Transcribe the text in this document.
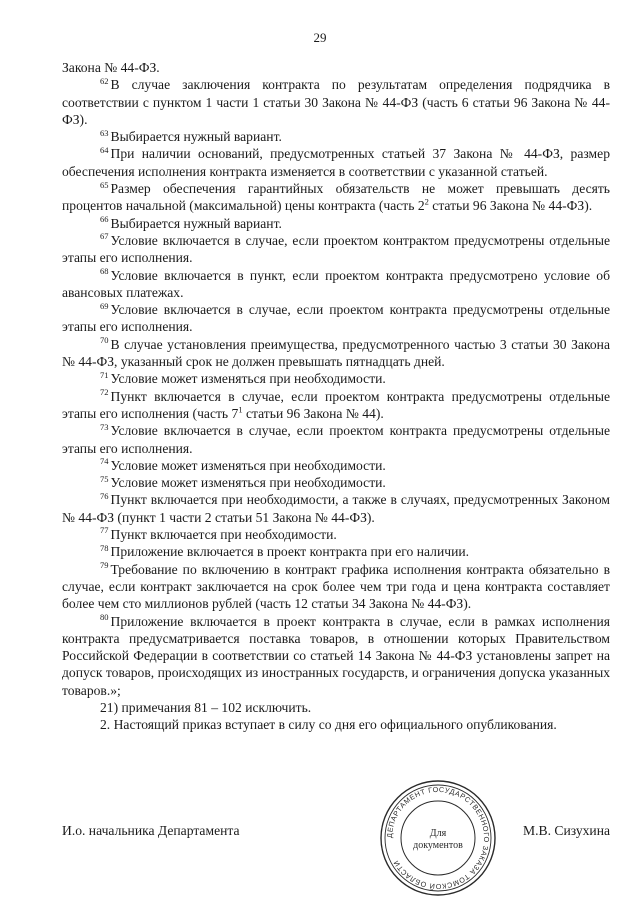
29

Закона № 44-ФЗ.

$^{62}$ В случае заключения контракта по результатам определения подрядчика в соответствии с пунктом 1 части 1 статьи 30 Закона № 44-ФЗ (часть 6 статьи 96 Закона № 44-ФЗ).

$^{63}$ Выбирается нужный вариант.

$^{64}$ При наличии оснований, предусмотренных статьей 37 Закона № 44-ФЗ, размер обеспечения исполнения контракта изменяется в соответствии с указанной статьей.

$^{65}$ Размер обеспечения гарантийных обязательств не может превышать десять процентов начальной (максимальной) цены контракта (часть $2^2$ статьи 96 Закона № 44-ФЗ).

$^{66}$ Выбирается нужный вариант.

$^{67}$ Условие включается в случае, если проектом контрактом предусмотрены отдельные этапы его исполнения.

$^{68}$ Условие включается в пункт, если проектом контракта предусмотрено условие об авансовых платежах.

$^{69}$ Условие включается в случае, если проектом контракта предусмотрены отдельные этапы его исполнения.

$^{70}$ В случае установления преимущества, предусмотренного частью 3 статьи 30 Закона № 44-ФЗ, указанный срок не должен превышать пятнадцать дней.

$^{71}$ Условие может изменяться при необходимости.

$^{72}$ Пункт включается в случае, если проектом контракта предусмотрены отдельные этапы его исполнения (часть $7^1$ статьи 96 Закона № 44).

$^{73}$ Условие включается в случае, если проектом контракта предусмотрены отдельные этапы его исполнения.

$^{74}$ Условие может изменяться при необходимости.

$^{75}$ Условие может изменяться при необходимости.

$^{76}$ Пункт включается при необходимости, а также в случаях, предусмотренных Законом № 44-ФЗ (пункт 1 части 2 статьи 51 Закона № 44-ФЗ).

$^{77}$ Пункт включается при необходимости.

$^{78}$ Приложение включается в проект контракта при его наличии.

$^{79}$ Требование по включению в контракт графика исполнения контракта обязательно в случае, если контракт заключается на срок более чем три года и цена контракта составляет более чем сто миллионов рублей (часть 12 статьи 34 Закона № 44-ФЗ).

$^{80}$ Приложение включается в проект контракта в случае, если в рамках исполнения контракта предусматривается поставка товаров, в отношении которых Правительством Российской Федерации в соответствии со статьей 14 Закона № 44-ФЗ установлены запрет на допуск товаров, происходящих из иностранных государств, и ограничения допуска указанных товаров.»;

21) примечания 81 – 102 исключить.

2. Настоящий приказ вступает в силу со дня его официального опубликования.

И.о. начальника Департамента	ДЕПАРТАМЕНТ ГОСУДАРСТВЕННОГО ЗАКАЗА ТОМСКОЙ ОБЛАСТИ
Для
документов
М.В. Сизухина
